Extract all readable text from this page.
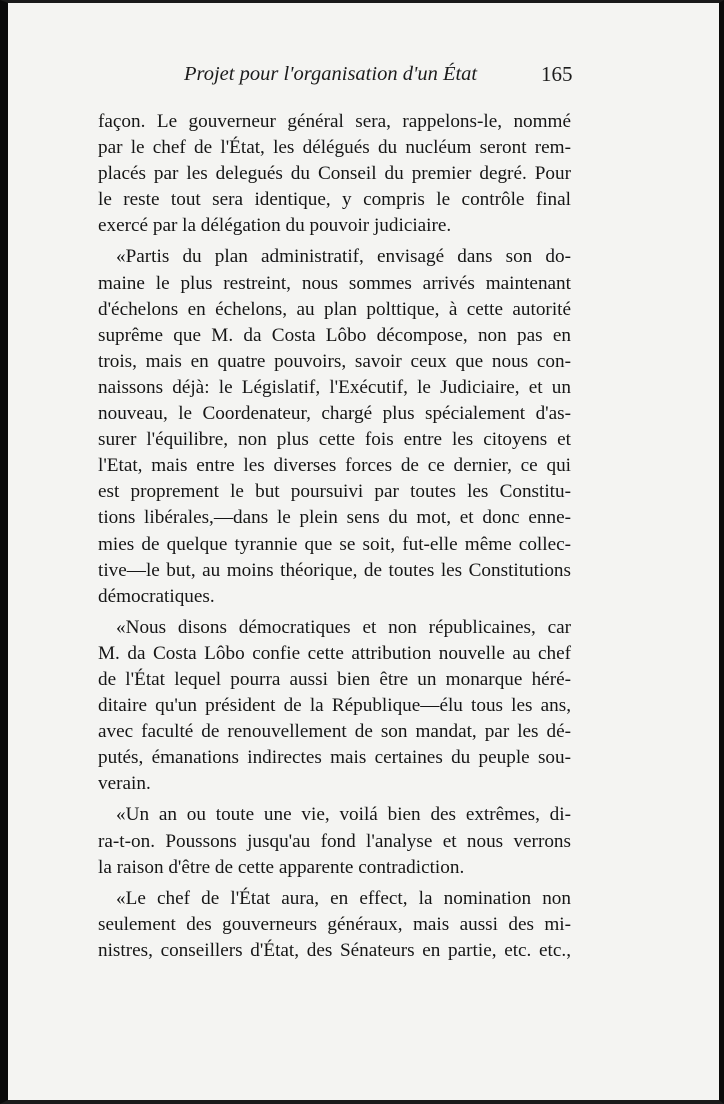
Projet pour l'organisation d'un État	165
façon. Le gouverneur général sera, rappelons-le, nommé
par le chef de l'État, les délégués du nucléum seront rem-
placés par les delegués du Conseil du premier degré. Pour
le reste tout sera identique, y compris le contrôle final
exercé par la délégation du pouvoir judiciaire.
«Partis du plan administratif, envisagé dans son do-
maine le plus restreint, nous sommes arrivés maintenant
d'échelons en échelons, au plan polttique, à cette autorité
suprême que M. da Costa Lôbo décompose, non pas en
trois, mais en quatre pouvoirs, savoir ceux que nous con-
naissons déjà: le Législatif, l'Exécutif, le Judiciaire, et un
nouveau, le Coordenateur, chargé plus spécialement d'as-
surer l'équilibre, non plus cette fois entre les citoyens et
l'Etat, mais entre les diverses forces de ce dernier, ce qui
est proprement le but poursuivi par toutes les Constitu-
tions libérales,—dans le plein sens du mot, et donc enne-
mies de quelque tyrannie que se soit, fut-elle même collec-
tive—le but, au moins théorique, de toutes les Constitutions
démocratiques.
«Nous disons démocratiques et non républicaines, car
M. da Costa Lôbo confie cette attribution nouvelle au chef
de l'État lequel pourra aussi bien être un monarque héré-
ditaire qu'un président de la République—élu tous les ans,
avec faculté de renouvellement de son mandat, par les dé-
putés, émanations indirectes mais certaines du peuple sou-
verain.
«Un an ou toute une vie, voilá bien des extrêmes, di-
ra-t-on. Poussons jusqu'au fond l'analyse et nous verrons
la raison d'être de cette apparente contradiction.
«Le chef de l'État aura, en effect, la nomination non
seulement des gouverneurs généraux, mais aussi des mi-
nistres, conseillers d'État, des Sénateurs en partie, etc. etc.,
